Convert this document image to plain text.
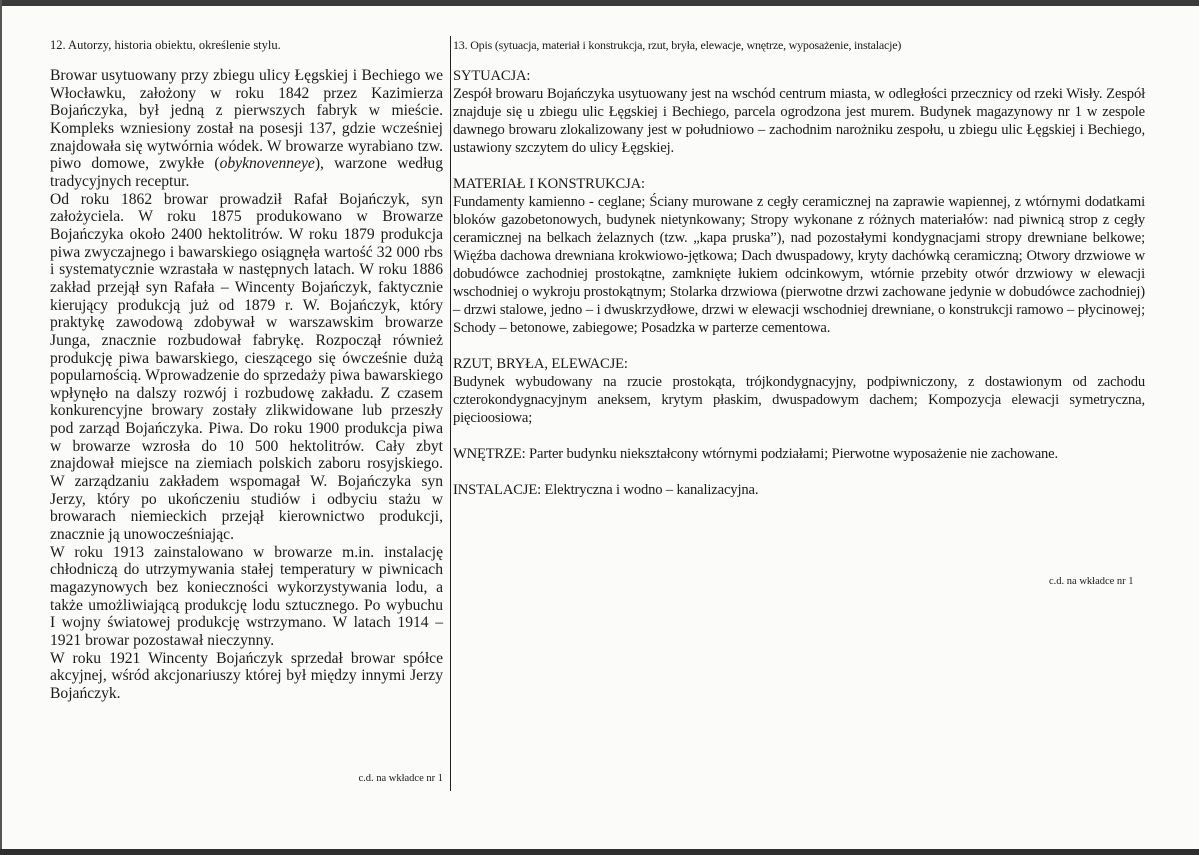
12. Autorzy, historia obiektu, określenie stylu.

Browar usytuowany przy zbiegu ulicy Łęgskiej i Bechiego we Włocławku, założony w roku 1842 przez Kazimierza Bojańczyka, był jedną z pierwszych fabryk w mieście. Kompleks wzniesiony został na posesji 137, gdzie wcześniej znajdowała się wytwórnia wódek. W browarze wyrabiano tzw. piwo domowe, zwykłe (obyknovenneye), warzone według tradycyjnych receptur.

Od roku 1862 browar prowadził Rafał Bojańczyk, syn założyciela. W roku 1875 produkowano w Browarze Bojańczyka około 2400 hektolitrów. W roku 1879 produkcja piwa zwyczajnego i bawarskiego osiągnęła wartość 32 000 rbs i systematycznie wzrastała w następnych latach. W roku 1886 zakład przejął syn Rafała – Wincenty Bojańczyk, faktycznie kierujący produkcją już od 1879 r. W. Bojańczyk, który praktykę zawodową zdobywał w warszawskim browarze Junga, znacznie rozbudował fabrykę. Rozpoczął również produkcję piwa bawarskiego, cieszącego się ówcześnie dużą popularnością. Wprowadzenie do sprzedaży piwa bawarskiego wpłynęło na dalszy rozwój i rozbudowę zakładu. Z czasem konkurencyjne browary zostały zlikwidowane lub przeszły pod zarząd Bojańczyka. Piwa. Do roku 1900 produkcja piwa w browarze wzrosła do 10 500 hektolitrów. Cały zbyt znajdował miejsce na ziemiach polskich zaboru rosyjskiego. W zarządzaniu zakładem wspomagał W. Bojańczyka syn Jerzy, który po ukończeniu studiów i odbyciu stażu w browarach niemieckich przejął kierownictwo produkcji, znacznie ją unowocześniając.

W roku 1913 zainstalowano w browarze m.in. instalację chłodniczą do utrzymywania stałej temperatury w piwnicach magazynowych bez konieczności wykorzystywania lodu, a także umożliwiającą produkcję lodu sztucznego. Po wybuchu I wojny światowej produkcję wstrzymano. W latach 1914 – 1921 browar pozostawał nieczynny.

W roku 1921 Wincenty Bojańczyk sprzedał browar spółce akcyjnej, wśród akcjonariuszy której był między innymi Jerzy Bojańczyk.

c.d. na wkładce nr 1

13. Opis (sytuacja, materiał i konstrukcja, rzut, bryła, elewacje, wnętrze, wyposażenie, instalacje)

SYTUACJA:
Zespół browaru Bojańczyka usytuowany jest na wschód centrum miasta, w odległości przecznicy od rzeki Wisły. Zespół znajduje się u zbiegu ulic Łęgskiej i Bechiego, parcela ogrodzona jest murem. Budynek magazynowy nr 1 w zespole dawnego browaru zlokalizowany jest w południowo – zachodnim narożniku zespołu, u zbiegu ulic Łęgskiej i Bechiego, ustawiony szczytem do ulicy Łęgskiej.

MATERIAŁ I KONSTRUKCJA:
Fundamenty kamienno - ceglane; Ściany murowane z cegły ceramicznej na zaprawie wapiennej, z wtórnymi dodatkami bloków gazobetonowych, budynek nietynkowany; Stropy wykonane z różnych materiałów: nad piwnicą strop z cegły ceramicznej na belkach żelaznych (tzw. „kapa pruska”), nad pozostałymi kondygnacjami stropy drewniane belkowe; Więźba dachowa drewniana krokwiowo-jętkowa; Dach dwuspadowy, kryty dachówką ceramiczną; Otwory drzwiowe w dobudówce zachodniej prostokątne, zamknięte łukiem odcinkowym, wtórnie przebity otwór drzwiowy w elewacji wschodniej o wykroju prostokątnym; Stolarka drzwiowa (pierwotne drzwi zachowane jedynie w dobudówce zachodniej) – drzwi stalowe, jedno – i dwuskrzydłowe, drzwi w elewacji wschodniej drewniane, o konstrukcji ramowo – płycinowej; Schody – betonowe, zabiegowe; Posadzka w parterze cementowa.

RZUT, BRYŁA, ELEWACJE:
Budynek wybudowany na rzucie prostokąta, trójkondygnacyjny, podpiwniczony, z dostawionym od zachodu czterokondygnacyjnym aneksem, krytym płaskim, dwuspadowym dachem; Kompozycja elewacji symetryczna, pięcioosiowa;

WNĘTRZE: Parter budynku niekształcony wtórnymi podziałami; Pierwotne wyposażenie nie zachowane.

INSTALACJE: Elektryczna i wodno – kanalizacyjna.

c.d. na wkładce nr 1
